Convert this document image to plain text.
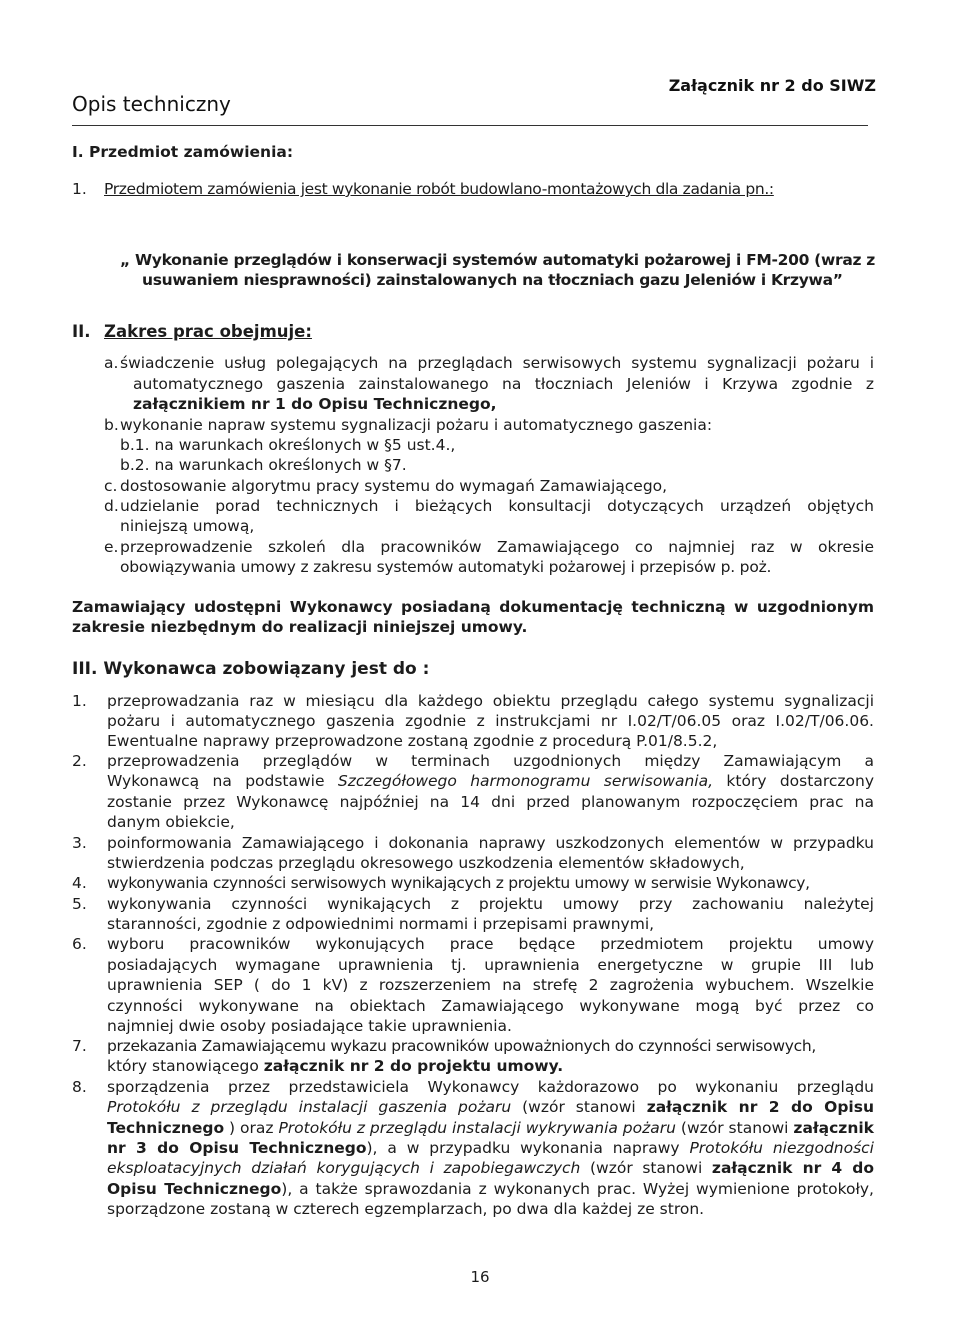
Opis techniczny
Załącznik nr 2 do SIWZ
I. Przedmiot zamówienia:
1. Przedmiotem zamówienia jest wykonanie robót budowlano-montażowych dla zadania pn.:
„ Wykonanie przeglądów i konserwacji systemów automatyki pożarowej i FM-200 (wraz z
usuwaniem niesprawności) zainstalowanych na tłoczniach gazu Jeleniów i Krzywa”
II. Zakres prac obejmuje:
a. świadczenie usług polegających na przeglądach serwisowych systemu sygnalizacji pożaru i
automatycznego gaszenia zainstalowanego na tłoczniach Jeleniów i Krzywa zgodnie z
załącznikiem nr 1 do Opisu Technicznego,
b. wykonanie napraw systemu sygnalizacji pożaru i automatycznego gaszenia:
b.1. na warunkach określonych w §5 ust.4.,
b.2. na warunkach określonych w §7.
c. dostosowanie algorytmu pracy systemu do wymagań Zamawiającego,
d. udzielanie porad technicznych i bieżących konsultacji dotyczących urządzeń objętych
niniejszą umową,
e. przeprowadzenie szkoleń dla pracowników Zamawiającego co najmniej raz w okresie
obowiązywania umowy z zakresu systemów automatyki pożarowej i przepisów p. poż.
Zamawiający udostępni Wykonawcy posiadaną dokumentację techniczną w uzgodnionym
zakresie niezbędnym do realizacji niniejszej umowy.
III. Wykonawca zobowiązany jest do :
1. przeprowadzania raz w miesiącu dla każdego obiektu przeglądu całego systemu sygnalizacji
pożaru i automatycznego gaszenia zgodnie z instrukcjami nr I.02/T/06.05 oraz I.02/T/06.06.
Ewentualne naprawy przeprowadzone zostaną zgodnie z procedurą P.01/8.5.2,
2. przeprowadzenia przeglądów w terminach uzgodnionych między Zamawiającym a
Wykonawcą na podstawie Szczegółowego harmonogramu serwisowania, który dostarczony
zostanie przez Wykonawcę najpóźniej na 14 dni przed planowanym rozpoczęciem prac na
danym obiekcie,
3. poinformowania Zamawiającego i dokonania naprawy uszkodzonych elementów w przypadku
stwierdzenia podczas przeglądu okresowego uszkodzenia elementów składowych,
4. wykonywania czynności serwisowych wynikających z projektu umowy w serwisie Wykonawcy,
5. wykonywania czynności wynikających z projektu umowy przy zachowaniu należytej
staranności, zgodnie z odpowiednimi normami i przepisami prawnymi,
6. wyboru pracowników wykonujących prace będące przedmiotem projektu umowy
posiadających wymagane uprawnienia tj. uprawnienia energetyczne w grupie III lub
uprawnienia SEP ( do 1 kV) z rozszerzeniem na strefę 2 zagrożenia wybuchem. Wszelkie
czynności wykonywane na obiektach Zamawiającego wykonywane mogą być przez co
najmniej dwie osoby posiadające takie uprawnienia.
7. przekazania Zamawiającemu wykazu pracowników upoważnionych do czynności serwisowych,
który stanowiącego załącznik nr 2 do projektu umowy.
8. sporządzenia przez przedstawiciela Wykonawcy każdorazowo po wykonaniu przeglądu
Protokółu z przeglądu instalacji gaszenia pożaru (wzór stanowi załącznik nr 2 do Opisu
Technicznego ) oraz Protokółu z przeglądu instalacji wykrywania pożaru (wzór stanowi załącznik
nr 3 do Opisu Technicznego), a w przypadku wykonania naprawy Protokółu niezgodności
eksploatacyjnych działań korygujących i zapobiegawczych (wzór stanowi załącznik nr 4 do
Opisu Technicznego), a także sprawozdania z wykonanych prac. Wyżej wymienione protokoły,
sporządzone zostaną w czterech egzemplarzach, po dwa dla każdej ze stron.
16
